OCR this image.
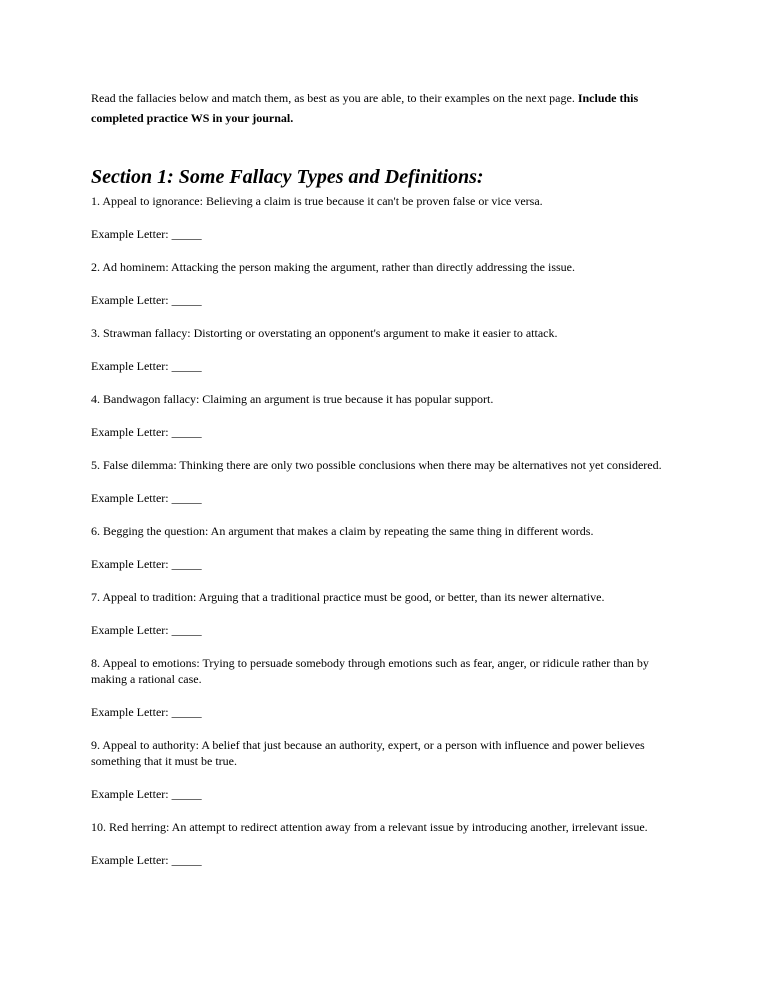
Read the fallacies below and match them, as best as you are able, to their examples on the next page. Include this completed practice WS in your journal.

Section 1: Some Fallacy Types and Definitions:

1. Appeal to ignorance: Believing a claim is true because it can't be proven false or vice versa.

Example Letter: _____

2. Ad hominem: Attacking the person making the argument, rather than directly addressing the issue.

Example Letter: _____

3. Strawman fallacy: Distorting or overstating an opponent's argument to make it easier to attack.

Example Letter: _____

4. Bandwagon fallacy: Claiming an argument is true because it has popular support.

Example Letter: _____

5. False dilemma: Thinking there are only two possible conclusions when there may be alternatives not yet considered.

Example Letter: _____

6. Begging the question: An argument that makes a claim by repeating the same thing in different words.

Example Letter: _____

7. Appeal to tradition: Arguing that a traditional practice must be good, or better, than its newer alternative.

Example Letter: _____

8. Appeal to emotions: Trying to persuade somebody through emotions such as fear, anger, or ridicule rather than by making a rational case.

Example Letter: _____

9. Appeal to authority: A belief that just because an authority, expert, or a person with influence and power believes something that it must be true.

Example Letter: _____

10. Red herring: An attempt to redirect attention away from a relevant issue by introducing another, irrelevant issue.

Example Letter: _____
